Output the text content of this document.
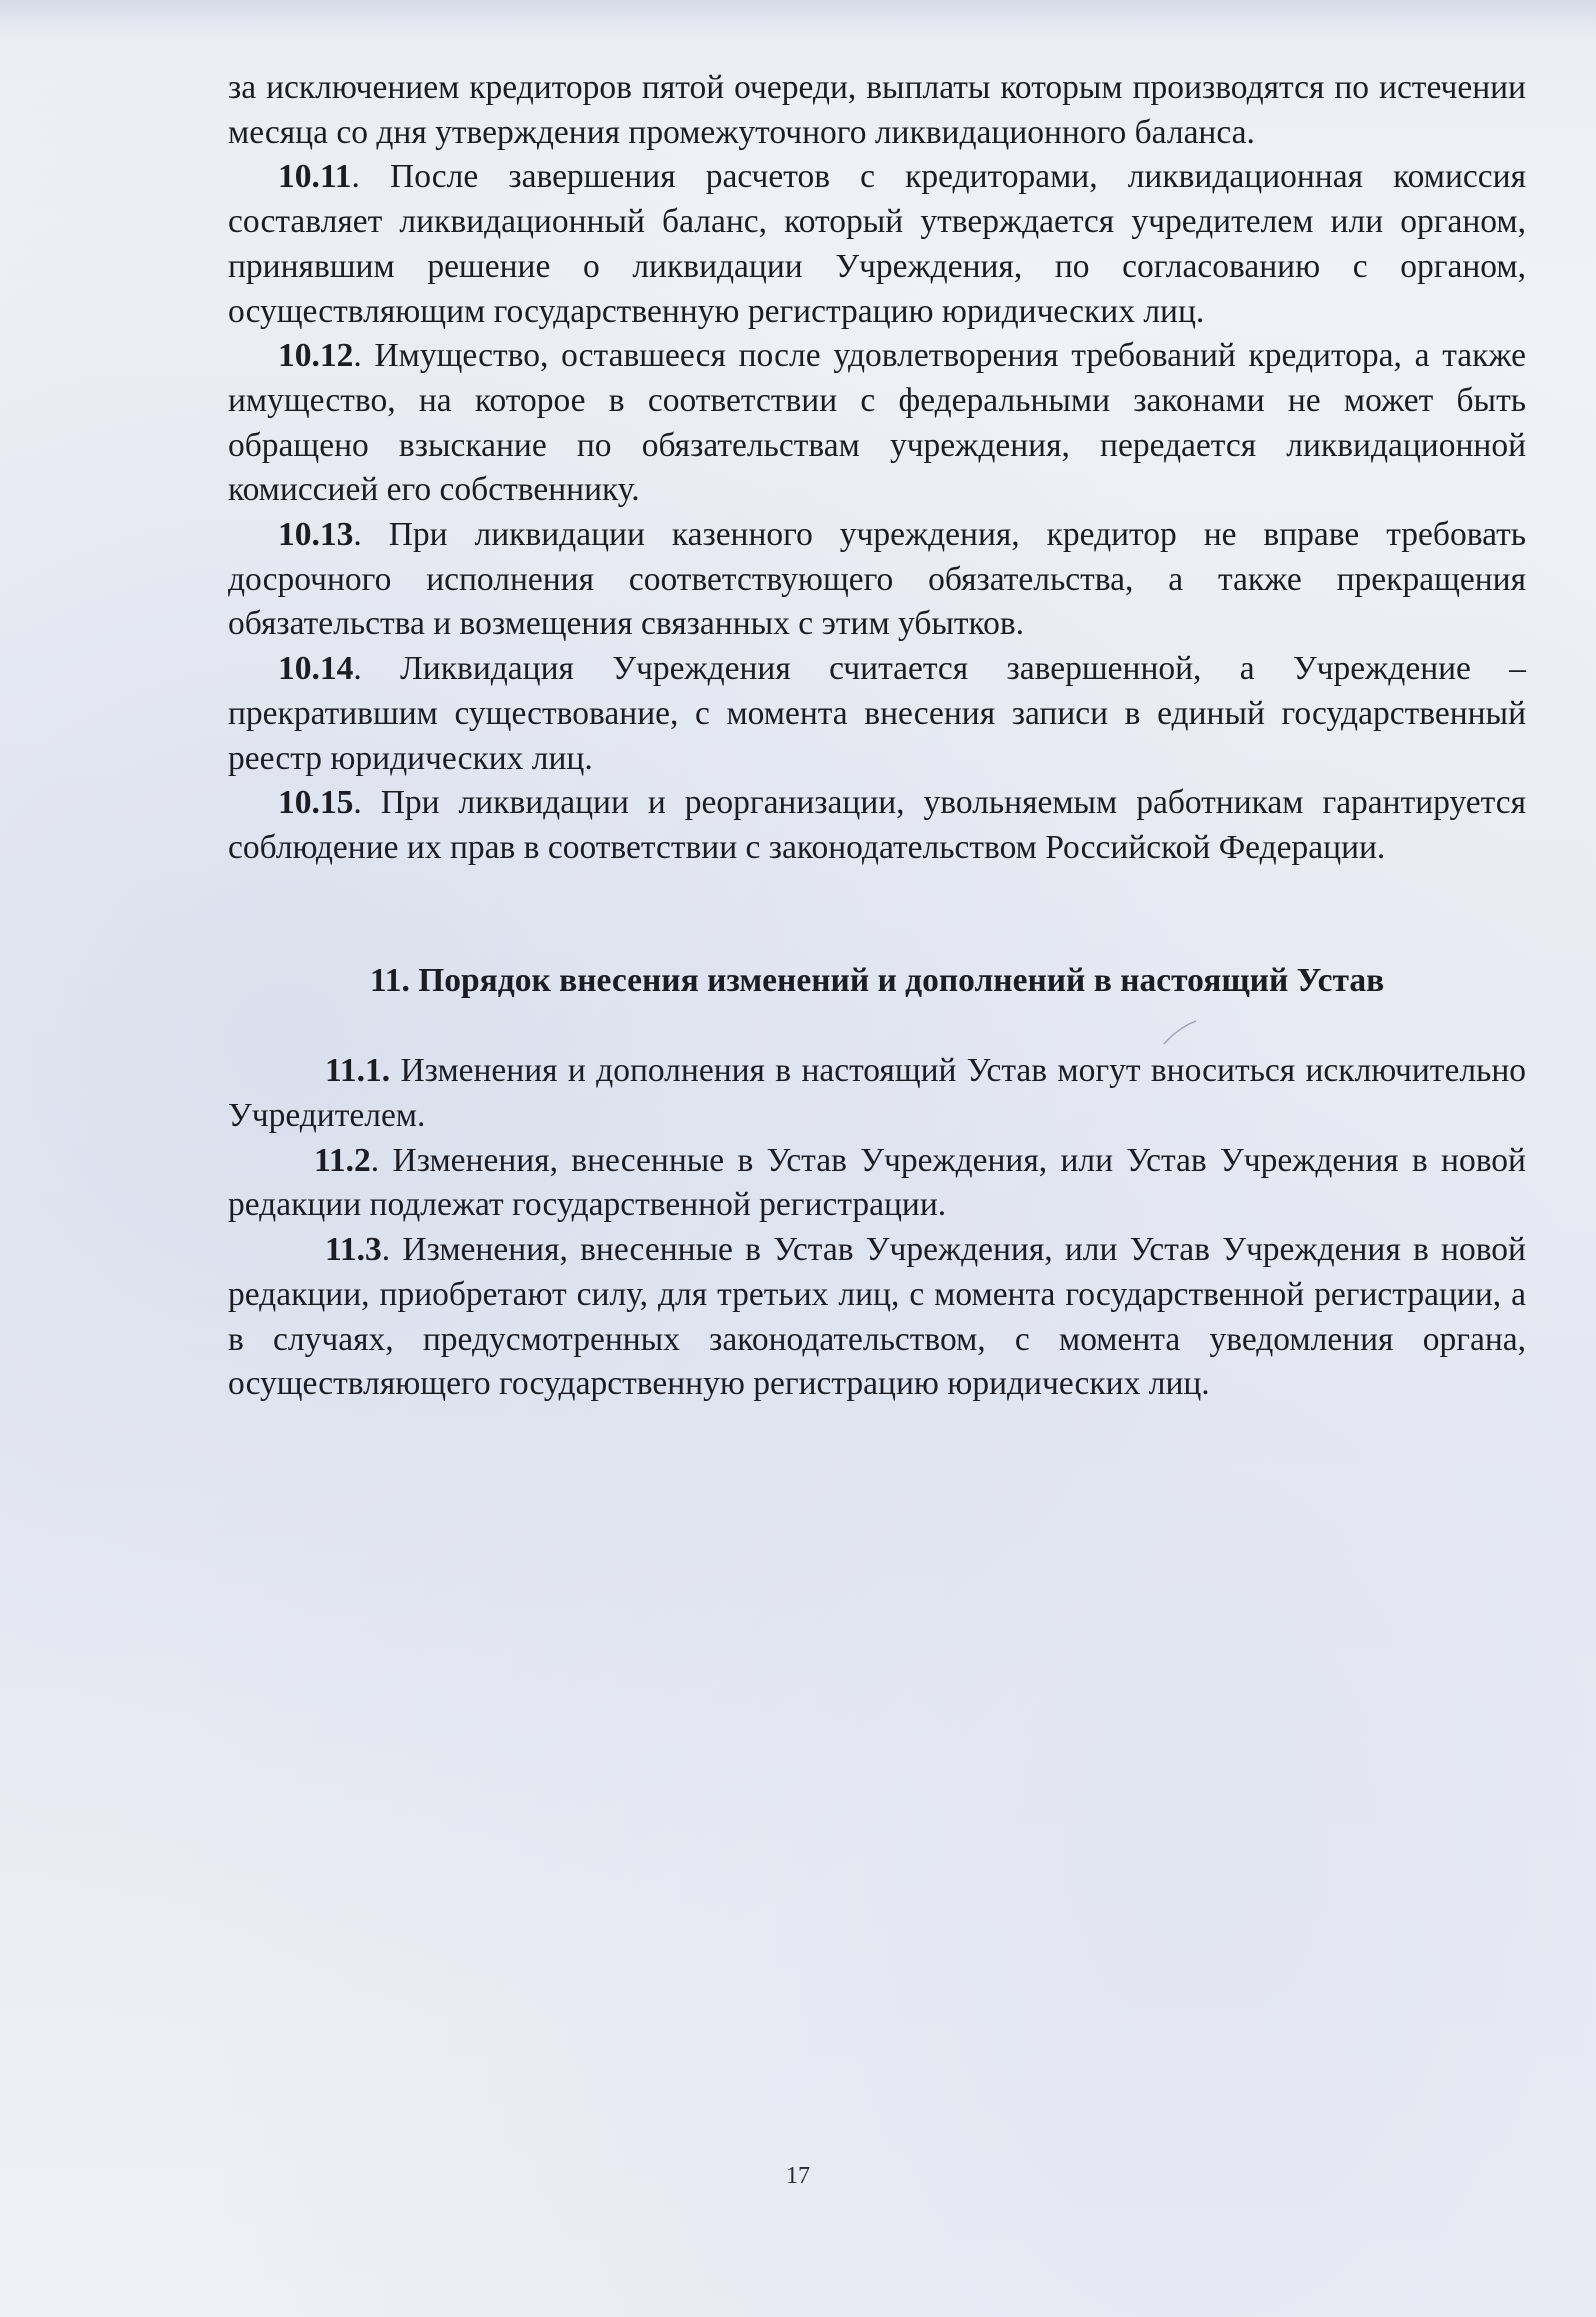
за исключением кредиторов пятой очереди, выплаты которым производятся по истечении месяца со дня утверждения промежуточного ликвидационного баланса.

10.11. После завершения расчетов с кредиторами, ликвидационная комиссия составляет ликвидационный баланс, который утверждается учредителем или органом, принявшим решение о ликвидации Учреждения, по согласованию с органом, осуществляющим государственную регистрацию юридических лиц.

10.12. Имущество, оставшееся после удовлетворения требований кредитора, а также имущество, на которое в соответствии с федеральными законами не может быть обращено взыскание по обязательствам учреждения, передается ликвидационной комиссией его собственнику.

10.13. При ликвидации казенного учреждения, кредитор не вправе требовать досрочного исполнения соответствующего обязательства, а также прекращения обязательства и возмещения связанных с этим убытков.

10.14. Ликвидация Учреждения считается завершенной, а Учреждение – прекратившим существование, с момента внесения записи в единый государственный реестр юридических лиц.

10.15. При ликвидации и реорганизации, увольняемым работникам гарантируется соблюдение их прав в соответствии с законодательством Российской Федерации.

11. Порядок внесения изменений и дополнений в настоящий Устав

11.1. Изменения и дополнения в настоящий Устав могут вноситься исключительно Учредителем.

11.2. Изменения, внесенные в Устав Учреждения, или Устав Учреждения в новой редакции подлежат государственной регистрации.

11.3. Изменения, внесенные в Устав Учреждения, или Устав Учреждения в новой редакции, приобретают силу, для третьих лиц, с момента государственной регистрации, а в случаях, предусмотренных законодательством, с момента уведомления органа, осуществляющего государственную регистрацию юридических лиц.

17
